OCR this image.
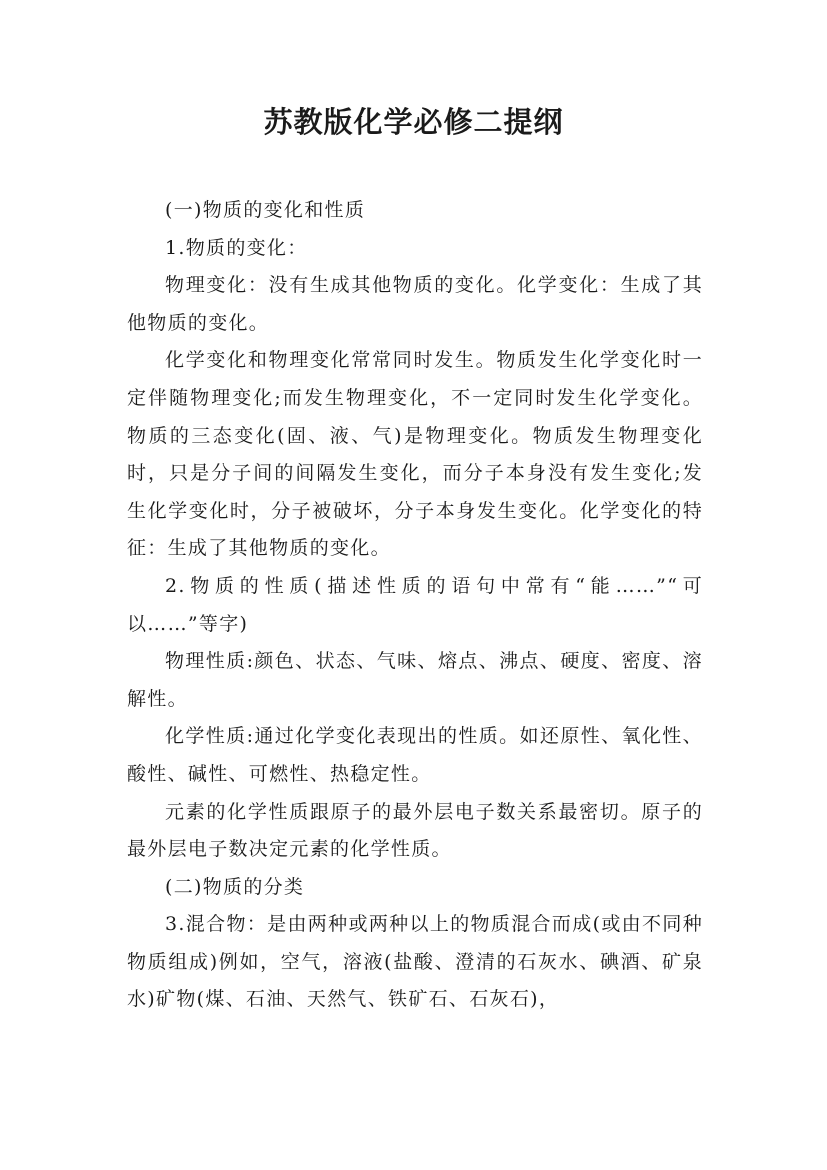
苏教版化学必修二提纲

(一)物质的变化和性质

1.物质的变化：

物理变化：没有生成其他物质的变化。化学变化：生成了其他物质的变化。

化学变化和物理变化常常同时发生。物质发生化学变化时一定伴随物理变化;而发生物理变化，不一定同时发生化学变化。物质的三态变化(固、液、气)是物理变化。物质发生物理变化时，只是分子间的间隔发生变化，而分子本身没有发生变化;发生化学变化时，分子被破坏，分子本身发生变化。化学变化的特征：生成了其他物质的变化。

2.物质的性质(描述性质的语句中常有“能……”“可以……”等字)

物理性质:颜色、状态、气味、熔点、沸点、硬度、密度、溶解性。

化学性质:通过化学变化表现出的性质。如还原性、氧化性、酸性、碱性、可燃性、热稳定性。

元素的化学性质跟原子的最外层电子数关系最密切。原子的最外层电子数决定元素的化学性质。

(二)物质的分类

3.混合物：是由两种或两种以上的物质混合而成(或由不同种物质组成)例如，空气，溶液(盐酸、澄清的石灰水、碘酒、矿泉水)矿物(煤、石油、天然气、铁矿石、石灰石)，
